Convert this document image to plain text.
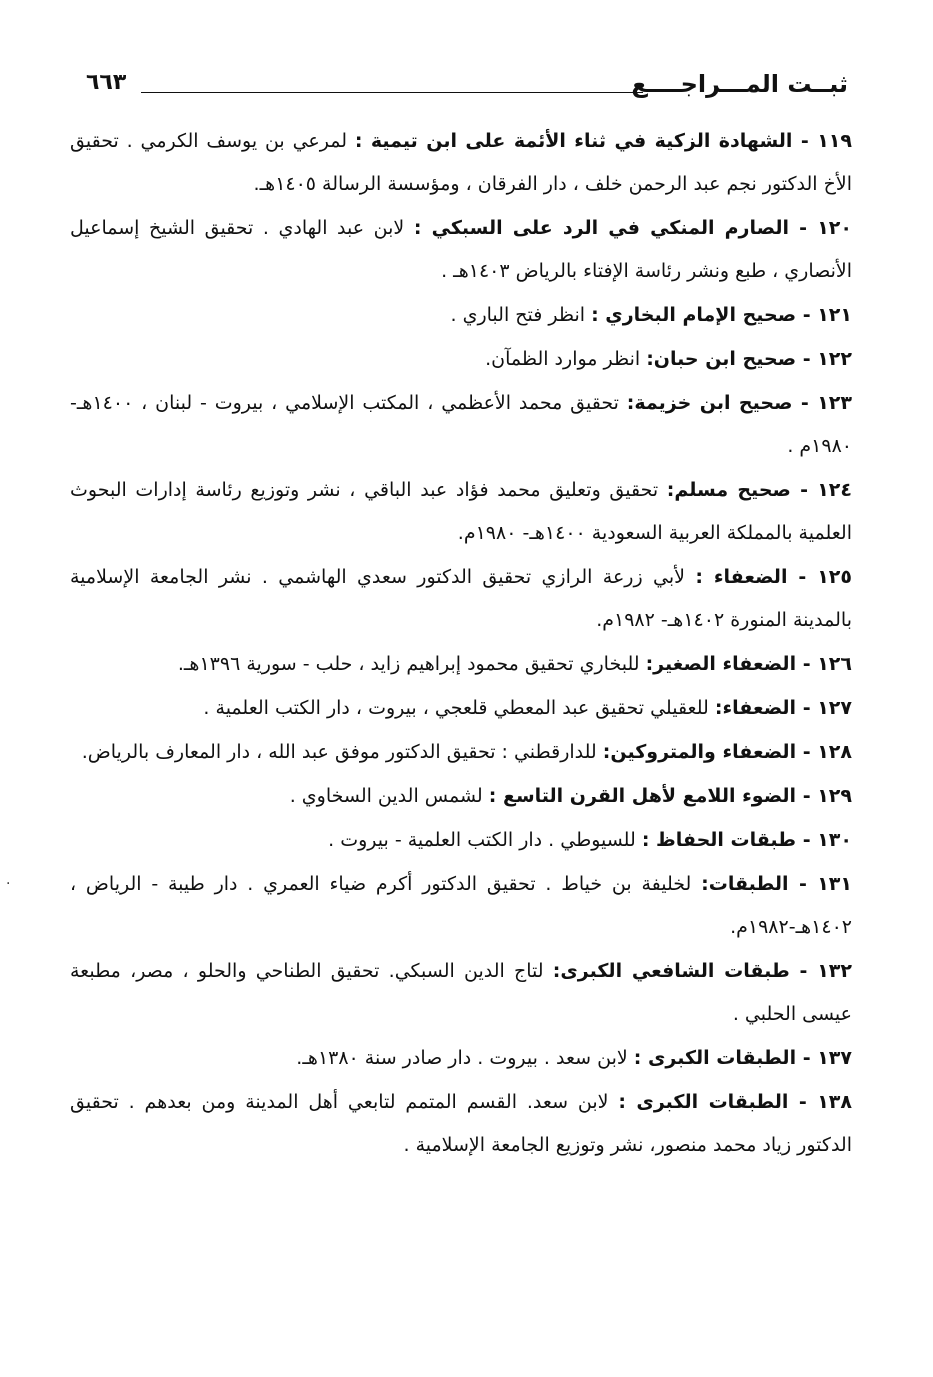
ثبــت المـــراجــــع
٦٦٣

١١٩ - الشهادة الزكية في ثناء الأئمة على ابن تيمية : لمرعي بن يوسف الكرمي . تحقيق الأخ الدكتور نجم عبد الرحمن خلف ، دار الفرقان ، ومؤسسة الرسالة ١٤٠٥هـ.

١٢٠ - الصارم المنكي في الرد على السبكي : لابن عبد الهادي . تحقيق الشيخ إسماعيل الأنصاري ، طبع ونشر رئاسة الإفتاء بالرياض ١٤٠٣هـ .

١٢١ - صحيح الإمام البخاري : انظر فتح الباري .

١٢٢ - صحيح ابن حبان: انظر موارد الظمآن.

١٢٣ - صحيح ابن خزيمة: تحقيق محمد الأعظمي ، المكتب الإسلامي ، بيروت - لبنان ، ١٤٠٠هـ- ١٩٨٠م .

١٢٤ - صحيح مسلم: تحقيق وتعليق محمد فؤاد عبد الباقي ، نشر وتوزيع رئاسة إدارات البحوث العلمية بالمملكة العربية السعودية ١٤٠٠هـ- ١٩٨٠م.

١٢٥ - الضعفاء : لأبي زرعة الرازي تحقيق الدكتور سعدي الهاشمي . نشر الجامعة الإسلامية بالمدينة المنورة ١٤٠٢هـ- ١٩٨٢م.

١٢٦ - الضعفاء الصغير: للبخاري تحقيق محمود إبراهيم زايد ، حلب - سورية ١٣٩٦هـ.

١٢٧ - الضعفاء: للعقيلي تحقيق عبد المعطي قلعجي ، بيروت ، دار الكتب العلمية .

١٢٨ - الضعفاء والمتروكين: للدارقطني : تحقيق الدكتور موفق عبد الله ، دار المعارف بالرياض.

١٢٩ - الضوء اللامع لأهل القرن التاسع : لشمس الدين السخاوي .

١٣٠ - طبقات الحفاظ : للسيوطي . دار الكتب العلمية - بيروت .

١٣١ - الطبقات: لخليفة بن خياط . تحقيق الدكتور أكرم ضياء العمري . دار طيبة - الرياض ، ١٤٠٢هـ-١٩٨٢م.

١٣٢ - طبقات الشافعي الكبرى: لتاج الدين السبكي. تحقيق الطناحي والحلو ، مصر، مطبعة عيسى الحلبي .

١٣٧ - الطبقات الكبرى : لابن سعد . بيروت . دار صادر سنة ١٣٨٠هـ.

١٣٨ - الطبقات الكبرى : لابن سعد. القسم المتمم لتابعي أهل المدينة ومن بعدهم . تحقيق الدكتور زياد محمد منصور، نشر وتوزيع الجامعة الإسلامية .

·
